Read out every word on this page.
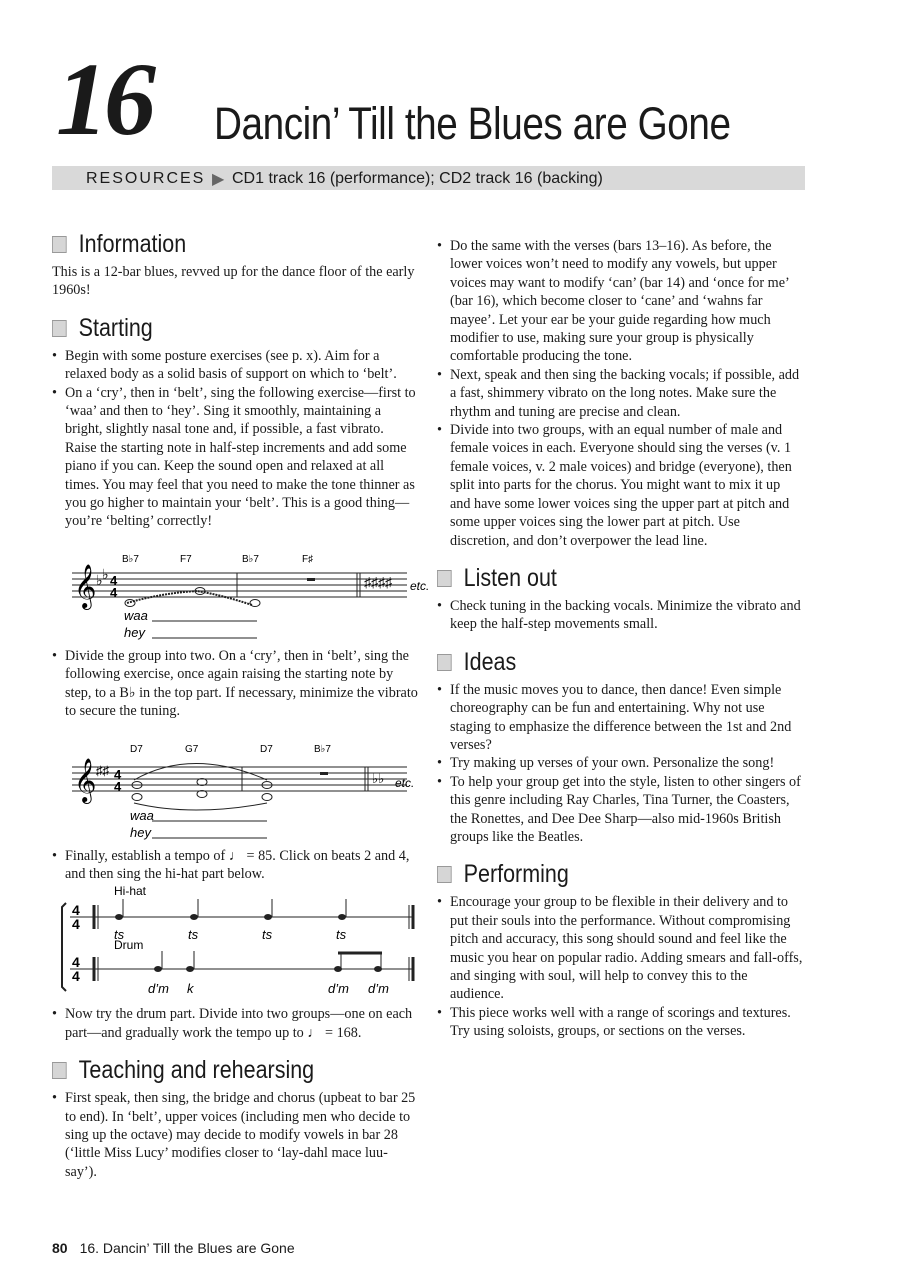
16 Dancin’ Till the Blues are Gone
RESOURCES ▶ CD1 track 16 (performance); CD2 track 16 (backing)
Information

This is a 12-bar blues, revved up for the dance floor of the early 1960s!

Starting
• Begin with some posture exercises (see p. x). Aim for a relaxed body as a solid basis of support on which to ‘belt’.
• On a ‘cry’, then in ‘belt’, sing the following exercise—first to ‘waa’ and then to ‘hey’. Sing it smoothly, maintaining a bright, slightly nasal tone and, if possible, a fast vibrato. Raise the starting note in half-step increments and add some piano if you can. Keep the sound open and relaxed at all times. You may feel that you need to make the tone thinner as you go higher to maintain your ‘belt’. This is a good thing—you’re ‘belting’ correctly!
𝄞 ♭ ♭ 4
4
♯♯♯♯
B♭7	F7	B♭7	F♯
etc.
waa
hey
• Divide the group into two. On a ‘cry’, then in ‘belt’, sing the following exercise, once again raising the starting note by step, to a B♭ in the top part. If necessary, minimize the vibrato to secure the tuning.
𝄞 ♯♯ 4
4
♭♭
D7	G7	D7	B♭7
etc.
waa
hey
• Finally, establish a tempo of ♩ = 85. Click on beats 2 and 4, and then sing the hi-hat part below.
4
4
4
4
Hi-hat
Drum
ts	ts	ts	ts
d’m k	d’m d’m
• Now try the drum part. Divide into two groups—one on each part—and gradually work the tempo up to ♩ = 168.
Teaching and rehearsing
• First speak, then sing, the bridge and chorus (upbeat to bar 25 to end). In ‘belt’, upper voices (including men who decide to sing up the octave) may decide to modify vowels in bar 28 (‘little Miss Lucy’ modifies closer to ‘lay-dahl mace luu-say’).
• Do the same with the verses (bars 13–16). As before, the lower voices won’t need to modify any vowels, but upper voices may want to modify ‘can’ (bar 14) and ‘once for me’ (bar 16), which become closer to ‘cane’ and ‘wahns far mayee’. Let your ear be your guide regarding how much modifier to use, making sure your group is physically comfortable producing the tone.
• Next, speak and then sing the backing vocals; if possible, add a fast, shimmery vibrato on the long notes. Make sure the rhythm and tuning are precise and clean.
• Divide into two groups, with an equal number of male and female voices in each. Everyone should sing the verses (v. 1 female voices, v. 2 male voices) and bridge (everyone), then split into parts for the chorus. You might want to mix it up and have some lower voices sing the upper part at pitch and some upper voices sing the lower part at pitch. Use discretion, and don’t overpower the lead line.
Listen out
• Check tuning in the backing vocals. Minimize the vibrato and keep the half-step movements small.
Ideas
• If the music moves you to dance, then dance! Even simple choreography can be fun and entertaining. Why not use staging to emphasize the difference between the 1st and 2nd verses?
• Try making up verses of your own. Personalize the song!
• To help your group get into the style, listen to other singers of this genre including Ray Charles, Tina Turner, the Coasters, the Ronettes, and Dee Dee Sharp—also mid-1960s British groups like the Beatles.
Performing
• Encourage your group to be flexible in their delivery and to put their souls into the performance. Without compromising pitch and accuracy, this song should sound and feel like the music you hear on popular radio. Adding smears and fall-offs, and singing with soul, will help to convey this to the audience.
• This piece works well with a range of scorings and textures. Try using soloists, groups, or sections on the verses.
80 16. Dancin’ Till the Blues are Gone
